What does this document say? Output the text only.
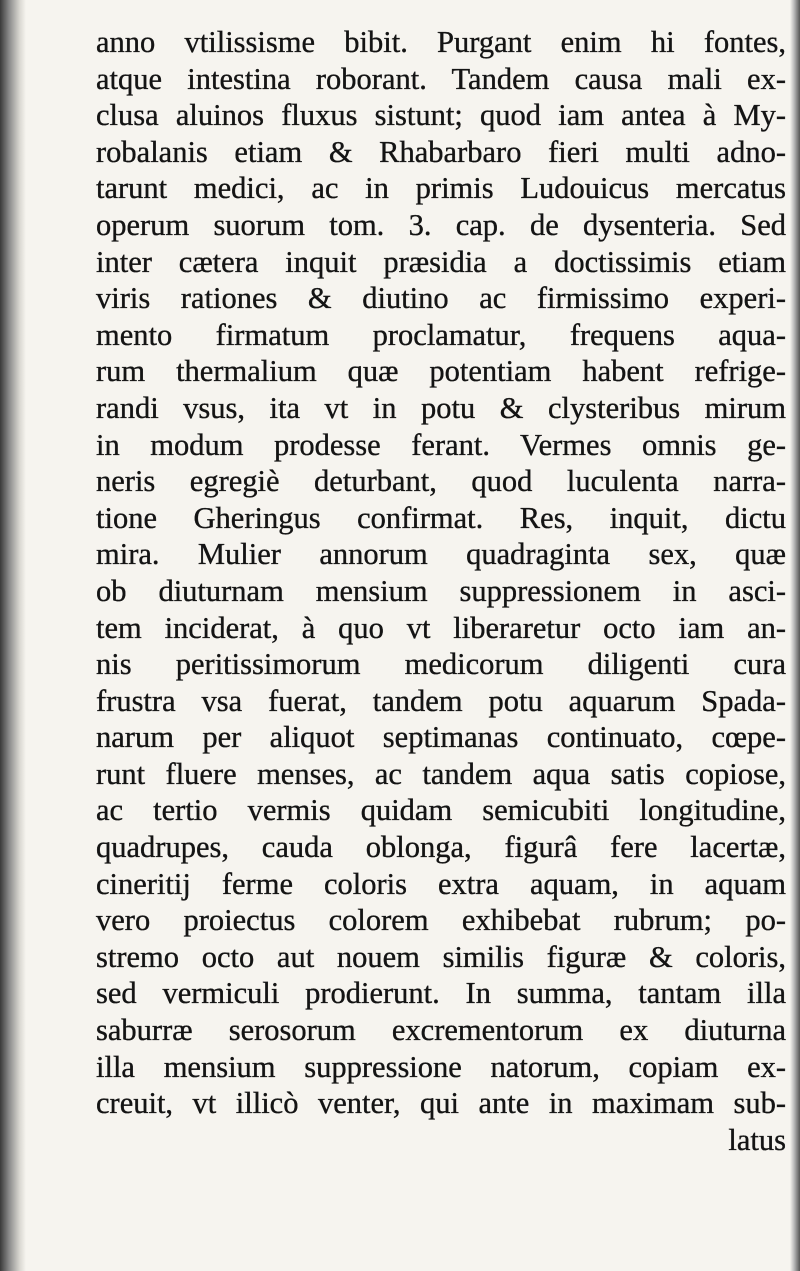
anno vtilissisme bibit. Purgant enim hi fontes,
atque intestina roborant. Tandem causa mali ex-
clusa aluinos fluxus sistunt; quod iam antea à My-
robalanis etiam & Rhabarbaro fieri multi adno-
tarunt medici, ac in primis Ludouicus mercatus
operum suorum tom. 3. cap. de dysenteria. Sed
inter cætera inquit præsidia a doctissimis etiam
viris rationes & diutino ac firmissimo experi-
mento firmatum proclamatur, frequens aqua-
rum thermalium quæ potentiam habent refrige-
randi vsus, ita vt in potu & clysteribus mirum
in modum prodesse ferant. Vermes omnis ge-
neris egregiè deturbant, quod luculenta narra-
tione Gheringus confirmat. Res, inquit, dictu
mira. Mulier annorum quadraginta sex, quæ
ob diuturnam mensium suppressionem in asci-
tem inciderat, à quo vt liberaretur octo iam an-
nis peritissimorum medicorum diligenti cura
frustra vsa fuerat, tandem potu aquarum Spada-
narum per aliquot septimanas continuato, cœpe-
runt fluere menses, ac tandem aqua satis copiose,
ac tertio vermis quidam semicubiti longitudine,
quadrupes, cauda oblonga, figurâ fere lacertæ,
cineritij ferme coloris extra aquam, in aquam
vero proiectus colorem exhibebat rubrum; po-
stremo octo aut nouem similis figuræ & coloris,
sed vermiculi prodierunt. In summa, tantam illa
saburræ serosorum excrementorum ex diuturna
illa mensium suppressione natorum, copiam ex-
creuit, vt illicò venter, qui ante in maximam sub-
latus
